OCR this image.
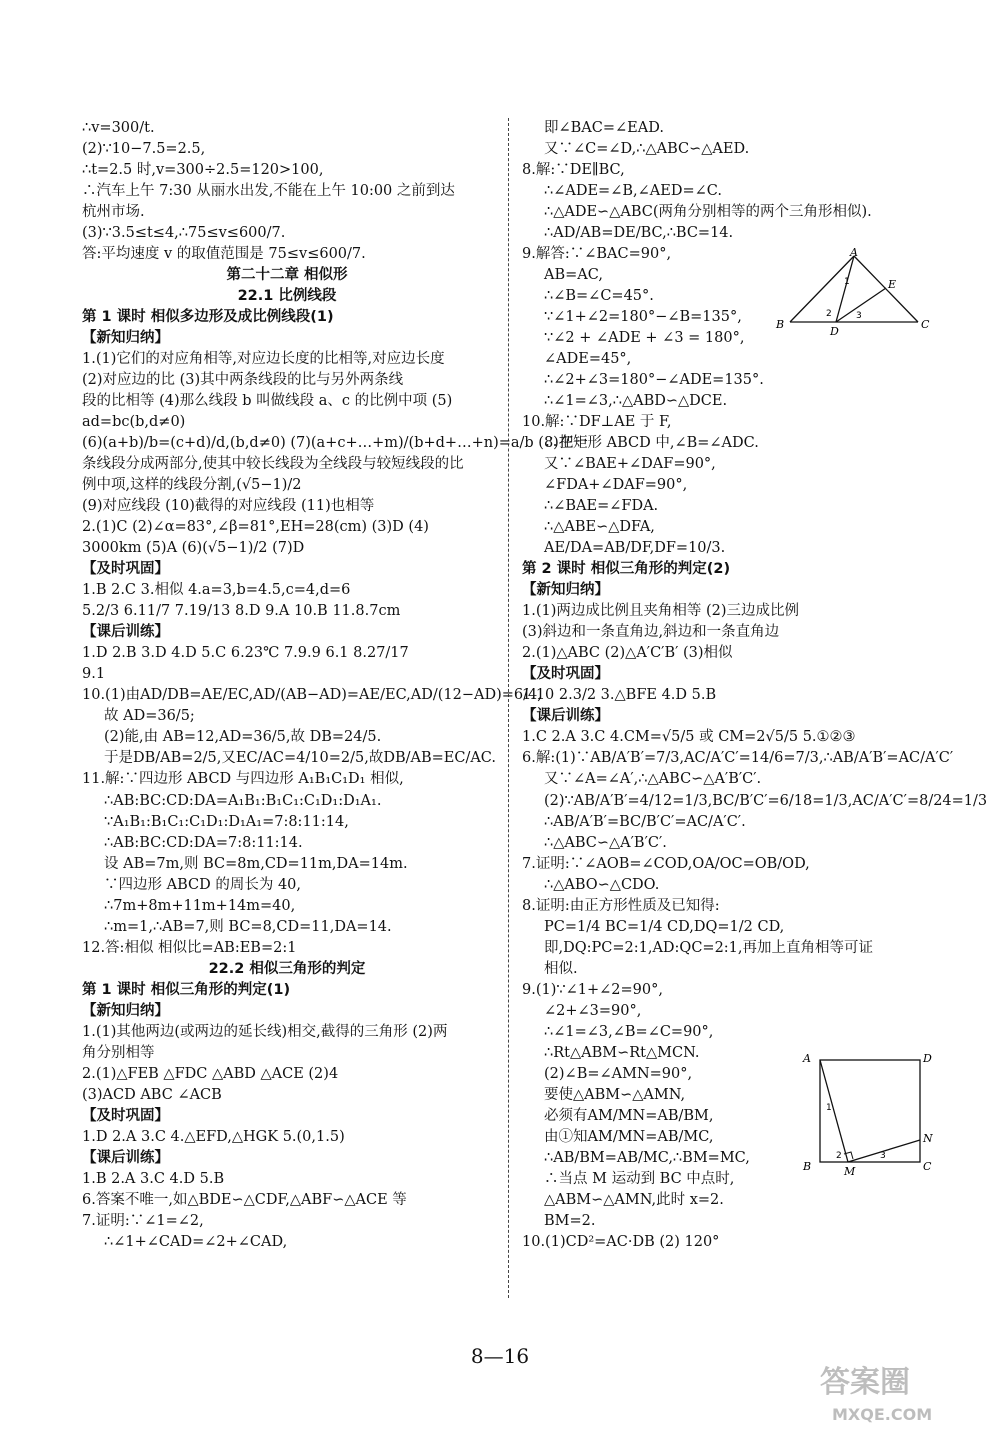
∴v=300/t.
(2)∵10−7.5=2.5,
∴t=2.5 时,v=300÷2.5=120>100,
∴汽车上午 7:30 从丽水出发,不能在上午 10:00 之前到达
杭州市场.
(3)∵3.5≤t≤4,∴75≤v≤600/7.
答:平均速度 v 的取值范围是 75≤v≤600/7.
第二十二章 相似形
22.1 比例线段
第 1 课时 相似多边形及成比例线段(1)
【新知归纳】
1.(1)它们的对应角相等,对应边长度的比相等,对应边长度
(2)对应边的比 (3)其中两条线段的比与另外两条线
段的比相等 (4)那么线段 b 叫做线段 a、c 的比例中项 (5)
ad=bc(b,d≠0)
(6)(a+b)/b=(c+d)/d,(b,d≠0) (7)(a+c+…+m)/(b+d+…+n)=a/b (8)把一
条线段分成两部分,使其中较长线段为全线段与较短线段的比
例中项,这样的线段分割,(√5−1)/2
(9)对应线段 (10)截得的对应线段 (11)也相等
2.(1)C (2)∠α=83°,∠β=81°,EH=28(cm) (3)D (4)
3000km (5)A (6)(√5−1)/2 (7)D
【及时巩固】
1.B 2.C 3.相似 4.a=3,b=4.5,c=4,d=6
5.2/3 6.11/7 7.19/13 8.D 9.A 10.B 11.8.7cm
【课后训练】
1.D 2.B 3.D 4.D 5.C 6.23℃ 7.9.9 6.1 8.27/17
9.1
10.(1)由AD/DB=AE/EC,AD/(AB−AD)=AE/EC,AD/(12−AD)=6/4,
故 AD=36/5;
(2)能,由 AB=12,AD=36/5,故 DB=24/5.
于是DB/AB=2/5,又EC/AC=4/10=2/5,故DB/AB=EC/AC.
11.解:∵四边形 ABCD 与四边形 A₁B₁C₁D₁ 相似,
∴AB:BC:CD:DA=A₁B₁:B₁C₁:C₁D₁:D₁A₁.
∵A₁B₁:B₁C₁:C₁D₁:D₁A₁=7:8:11:14,
∴AB:BC:CD:DA=7:8:11:14.
设 AB=7m,则 BC=8m,CD=11m,DA=14m.
∵四边形 ABCD 的周长为 40,
∴7m+8m+11m+14m=40,
∴m=1,∴AB=7,则 BC=8,CD=11,DA=14.
12.答:相似 相似比=AB:EB=2:1
22.2 相似三角形的判定
第 1 课时 相似三角形的判定(1)
【新知归纳】
1.(1)其他两边(或两边的延长线)相交,截得的三角形 (2)两
角分别相等
2.(1)△FEB △FDC △ABD △ACE (2)4
(3)ACD ABC ∠ACB
【及时巩固】
1.D 2.A 3.C 4.△EFD,△HGK 5.(0,1.5)
【课后训练】
1.B 2.A 3.C 4.D 5.B
6.答案不唯一,如△BDE∽△CDF,△ABF∽△ACE 等
7.证明:∵∠1=∠2,
∴∠1+∠CAD=∠2+∠CAD,
即∠BAC=∠EAD.
又∵∠C=∠D,∴△ABC∽△AED.
8.解:∵DE∥BC,
∴∠ADE=∠B,∠AED=∠C.
∴△ADE∽△ABC(两角分别相等的两个三角形相似).
∴AD/AB=DE/BC,∴BC=14.
9.解答:∵∠BAC=90°,
AB=AC,
∴∠B=∠C=45°.
∵∠1+∠2=180°−∠B=135°,
∵∠2 + ∠ADE + ∠3 = 180°,
∠ADE=45°,
∴∠2+∠3=180°−∠ADE=135°.
∴∠1=∠3,∴△ABD∽△DCE.
10.解:∵DF⊥AE 于 F,
∴在矩形 ABCD 中,∠B=∠ADC.
又∵∠BAE+∠DAF=90°,
∠FDA+∠DAF=90°,
∴∠BAE=∠FDA.
∴△ABE∽△DFA,
AE/DA=AB/DF,DF=10/3.
第 2 课时 相似三角形的判定(2)
【新知归纳】
1.(1)两边成比例且夹角相等 (2)三边成比例
(3)斜边和一条直角边,斜边和一条直角边
2.(1)△ABC (2)△A′C′B′ (3)相似
【及时巩固】
1.10 2.3/2 3.△BFE 4.D 5.B
【课后训练】
1.C 2.A 3.C 4.CM=√5/5 或 CM=2√5/5 5.①②③
6.解:(1)∵AB/A′B′=7/3,AC/A′C′=14/6=7/3,∴AB/A′B′=AC/A′C′
又∵∠A=∠A′,∴△ABC∽△A′B′C′.
(2)∵AB/A′B′=4/12=1/3,BC/B′C′=6/18=1/3,AC/A′C′=8/24=1/3
∴AB/A′B′=BC/B′C′=AC/A′C′.
∴△ABC∽△A′B′C′.
7.证明:∵∠AOB=∠COD,OA/OC=OB/OD,
∴△ABO∽△CDO.
8.证明:由正方形性质及已知得:
PC=1/4 BC=1/4 CD,DQ=1/2 CD,
即,DQ:PC=2:1,AD:QC=2:1,再加上直角相等可证
相似.
9.(1)∵∠1+∠2=90°,
∠2+∠3=90°,
∴∠1=∠3,∠B=∠C=90°,
∴Rt△ABM∽Rt△MCN.
(2)∠B=∠AMN=90°,
要使△ABM∽△AMN,
必须有AM/MN=AB/BM,
由①知AM/MN=AB/MC,
∴AB/BM=AB/MC,∴BM=MC,
∴当点 M 运动到 BC 中点时,
△ABM∽△AMN,此时 x=2.
BM=2.
10.(1)CD²=AC·DB (2) 120°
A
B	C
D
E
1
2	3
A	D
B	C
M
N
1
2	3
8—16
答案圈
MXQE.COM
